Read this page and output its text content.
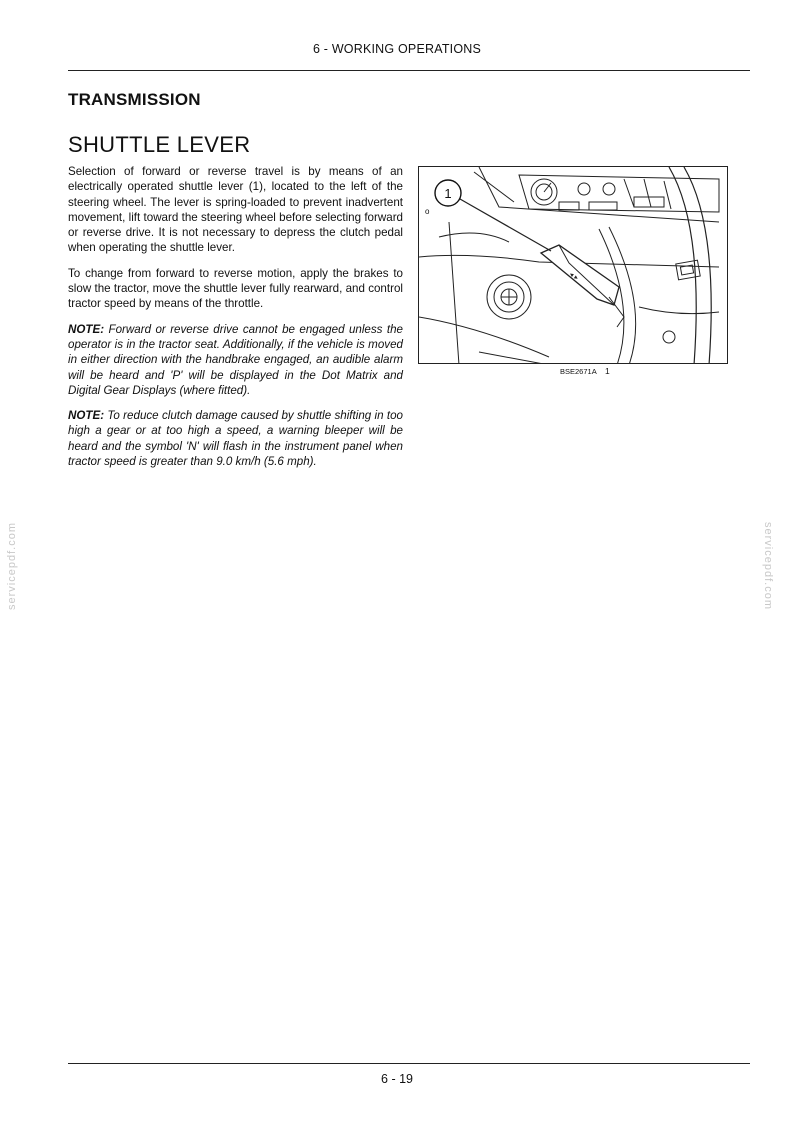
6 - WORKING OPERATIONS
TRANSMISSION
SHUTTLE LEVER

Selection of forward or reverse travel is by means of an electrically operated shuttle lever (1), located to the left of the steering wheel. The lever is spring-loaded to prevent inadvertent movement, lift toward the steering wheel before selecting forward or reverse drive. It is not necessary to depress the clutch pedal when operating the shuttle lever.

To change from forward to reverse motion, apply the brakes to slow the tractor, move the shuttle lever fully rearward, and control tractor speed by means of the throttle.

NOTE: Forward or reverse drive cannot be engaged unless the operator is in the tractor seat. Additionally, if the vehicle is moved in either direction with the handbrake engaged, an audible alarm will be heard and 'P' will be displayed in the Dot Matrix and Digital Gear Displays (where fitted).

NOTE: To reduce clutch damage caused by shuttle shifting in too high a gear or at too high a speed, a warning bleeper will be heard and the symbol 'N' will flash in the instrument panel when tractor speed is greater than 9.0 km/h (5.6 mph).

◂ ▸
1
o
BSE2671A 1
servicepdf.com	servicepdf.com
6 - 19
